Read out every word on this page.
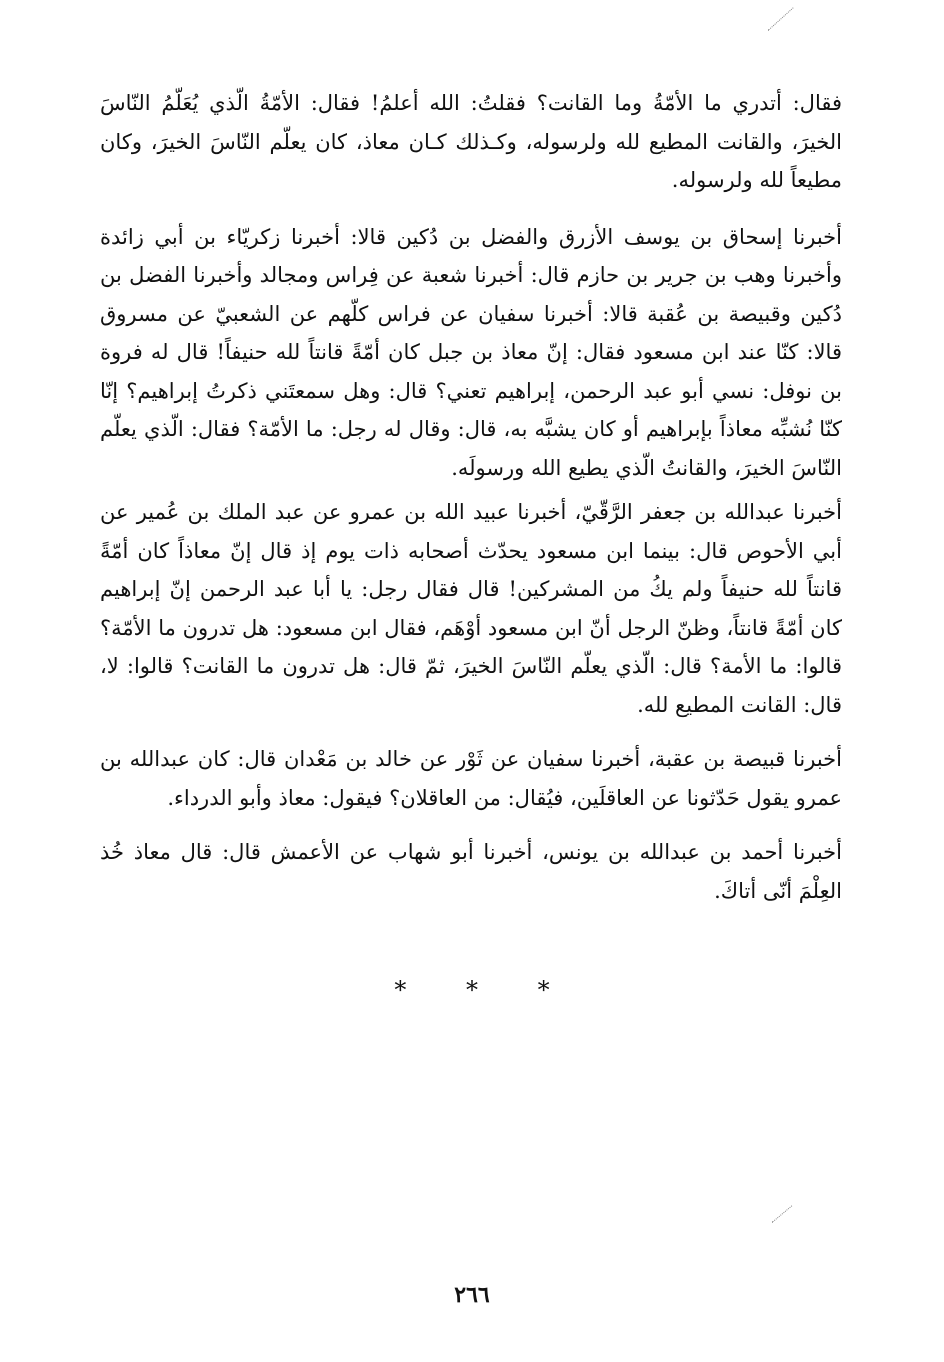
فقال: أتدري ما الأمّةُ وما القانت؟ فقلتُ: الله أعلمُ! فقال: الأمّةُ الّذي يُعَلّمُ النّاسَ الخيرَ، والقانت المطيع لله ولرسوله، وكـذلك كـان معاذ، كان يعلّم النّاسَ الخيرَ، وكان مطيعاً لله ولرسوله.

أخبرنا إسحاق بن يوسف الأزرق والفضل بن دُكين قالا: أخبرنا زكريّاء بن أبي زائدة وأخبرنا وهب بن جرير بن حازم قال: أخبرنا شعبة عن فِراس ومجالد وأخبرنا الفضل بن دُكين وقبيصة بن عُقبة قالا: أخبرنا سفيان عن فراس كلّهم عن الشعبيّ عن مسروق قالا: كنّا عند ابن مسعود فقال: إنّ معاذ بن جبل كان أمّةً قانتاً لله حنيفاً! قال له فروة بن نوفل: نسي أبو عبد الرحمن، إبراهيم تعني؟ قال: وهل سمعتَني ذكرتُ إبراهيم؟ إنّا كنّا نُشبِّه معاذاً بإبراهيم أو كان يشبَّه به، قال: وقال له رجل: ما الأمّة؟ فقال: الّذي يعلّم النّاسَ الخيرَ، والقانتُ الّذي يطيع الله ورسولَه.

أخبرنا عبدالله بن جعفر الرَّقّيّ، أخبرنا عبيد الله بن عمرو عن عبد الملك بن عُمير عن أبي الأحوص قال: بينما ابن مسعود يحدّث أصحابه ذات يوم إذ قال إنّ معاذاً كان أمّةً قانتاً لله حنيفاً ولم يكُ من المشركين! قال فقال رجل: يا أبا عبد الرحمن إنّ إبراهيم كان أمّةً قانتاً، وظنّ الرجل أنّ ابن مسعود أوْهَم، فقال ابن مسعود: هل تدرون ما الأمّة؟ قالوا: ما الأمة؟ قال: الّذي يعلّم النّاسَ الخيرَ، ثمّ قال: هل تدرون ما القانت؟ قالوا: لا، قال: القانت المطيع لله.

أخبرنا قبيصة بن عقبة، أخبرنا سفيان عن ثَوْر عن خالد بن مَعْدان قال: كان عبدالله بن عمرو يقول حَدّثونا عن العاقلَين، فيُقال: من العاقلان؟ فيقول: معاذ وأبو الدرداء.

أخبرنا أحمد بن عبدالله بن يونس، أخبرنا أبو شهاب عن الأعمش قال: قال معاذ خُذ العِلْمَ أنّى أتاكَ.

* * *
٢٦٦
